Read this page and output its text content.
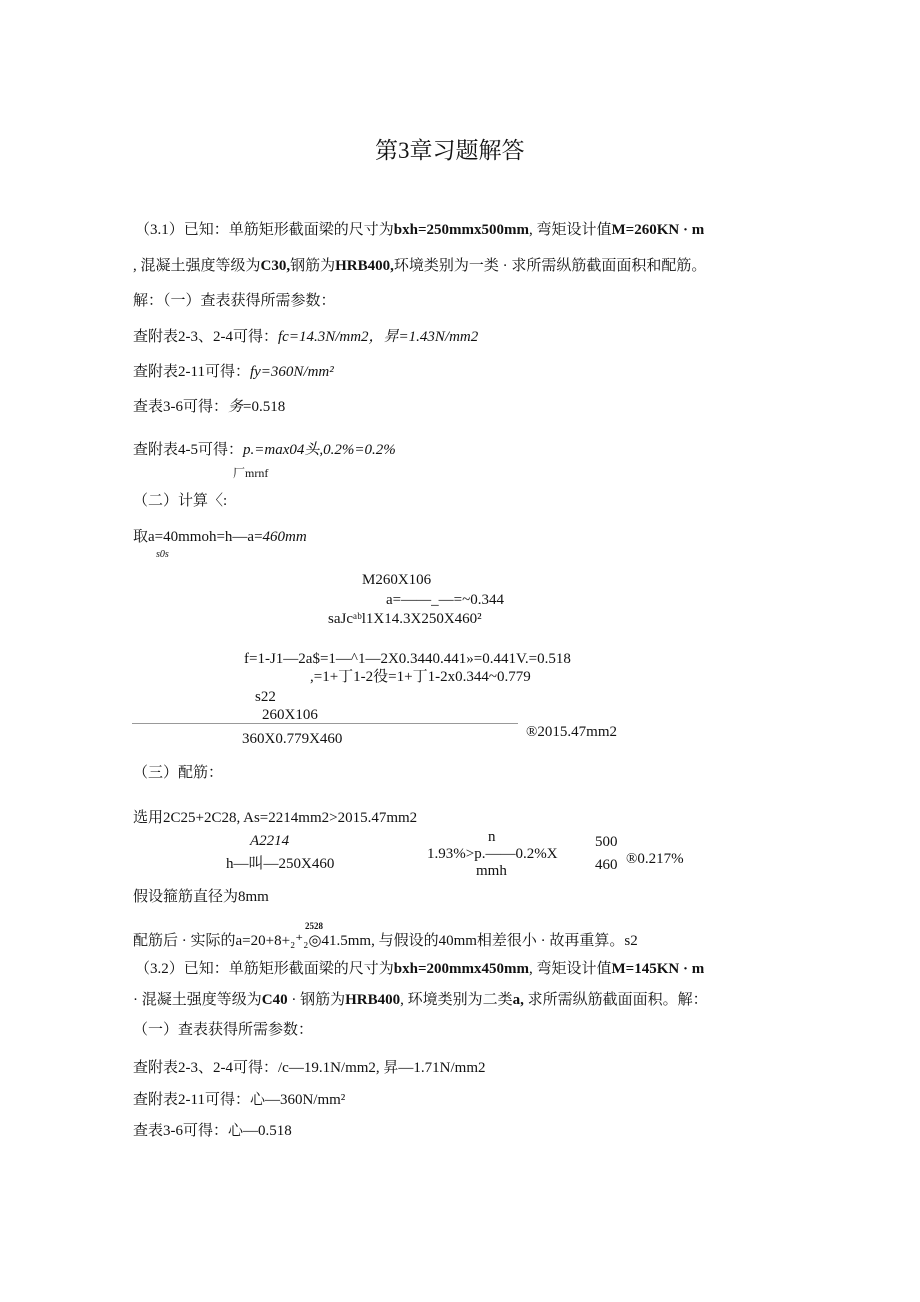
第3章习题解答
（3.1）已知：单筋矩形截面梁的尺寸为bxh=250mmx500mm, 弯矩设计值M=260KN · m
, 混凝土强度等级为C30,钢筋为HRB400,环境类别为一类 · 求所需纵筋截面面积和配筋。
解：（一）查表获得所需参数：
查附表2-3、2-4可得：fc=14.3N/mm2，昇=1.43N/mm2
查附表2-11可得：fy=360N/mm²
查表3-6可得：务=0.518
查附表4-5可得：p.=max04头,0.2%=0.2%
厂mrnf
（二）计算〈:
取a=40mmoh=h—a=460mm
s0s
M260X106
a=——_—=~0.344
saJcᵃᵇl1X14.3X250X460²
f=1-J1—2a$=1—^1—2X0.3440.441»=0.441V.=0.518
,=1+丁1-2役=1+丁1-2x0.344~0.779
s22
260X106
360X0.779X460	®2015.47mm2
（三）配筋：
选用2C25+2C28, As=2214mm2>2015.47mm2
A2214
h—叫—250X460
n
1.93%>p.——0.2%X
mmh
500
460 ®0.217%
假设箍筋直径为8mm
配筋后 · 实际的a=20+8+₂⁺₂◎41.5mm, 与假设的40mm相差很小 · 故再重算。s2
2528
（3.2）已知：单筋矩形截面梁的尺寸为bxh=200mmx450mm, 弯矩设计值M=145KN · m
· 混凝土强度等级为C40 · 钢筋为HRB400, 环境类别为二类a, 求所需纵筋截面面积。解：
（一）查表获得所需参数：
查附表2-3、2-4可得：/c—19.1N/mm2, 昇—1.71N/mm2
查附表2-11可得：心—360N/mm²
查表3-6可得：心—0.518
